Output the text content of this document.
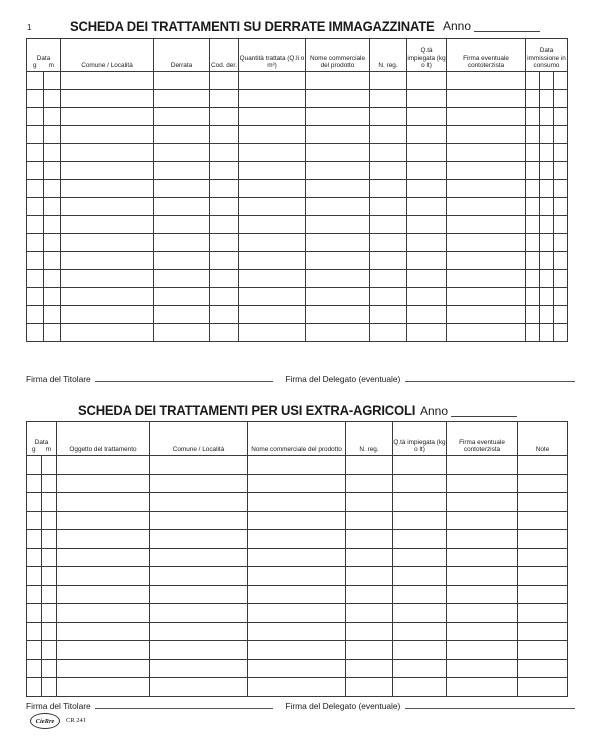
1	SCHEDA DEI TRATTAMENTI SU DERRATE IMMAGAZZINATE Anno
Data
g m	Comune / Località	Derrata	Cod. der.	Quantità trattata (Q.li o m³)	Nome commerciale del prodotto	N. reg.	Q.tà impiegata (kg o lt)	Firma eventuale contoterzista	Data immissione in consumo

Firma del Titolare	Firma del Delegato (eventuale)
SCHEDA DEI TRATTAMENTI PER USI EXTRA-AGRICOLI Anno
Data
g m	Oggetto del trattamento	Comune / Località	Nome commerciale del prodotto	N. reg.	Q.tà impiegata (kg o lt)	Firma eventuale contoterzista	Note

Firma del Titolare	Firma del Delegato (eventuale)
CieRre	CR 241
